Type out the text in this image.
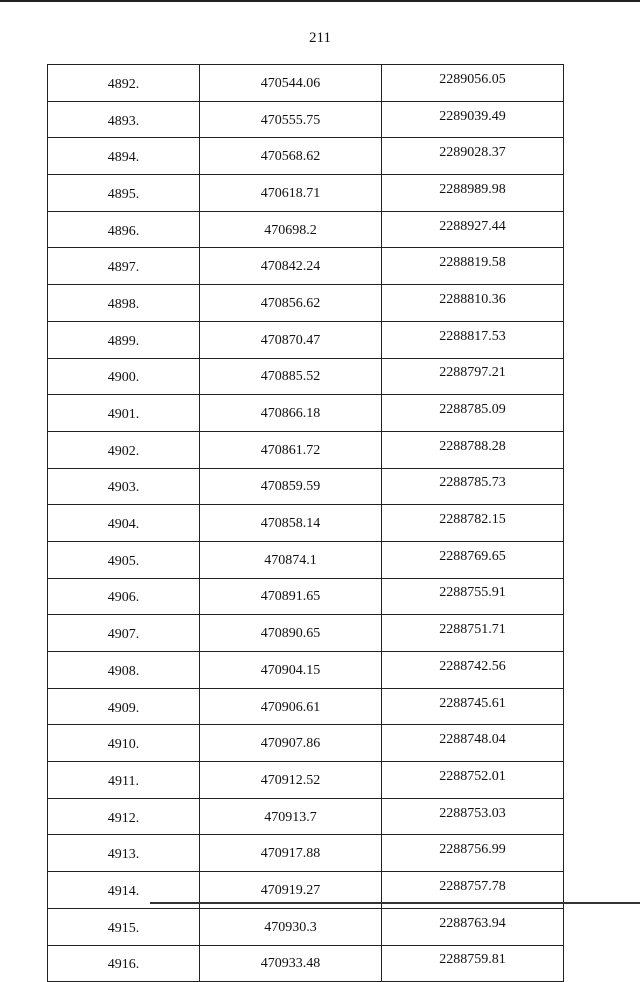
211
4892.	470544.06	2289056.05
4893.	470555.75	2289039.49
4894.	470568.62	2289028.37
4895.	470618.71	2288989.98
4896.	470698.2	2288927.44
4897.	470842.24	2288819.58
4898.	470856.62	2288810.36
4899.	470870.47	2288817.53
4900.	470885.52	2288797.21
4901.	470866.18	2288785.09
4902.	470861.72	2288788.28
4903.	470859.59	2288785.73
4904.	470858.14	2288782.15
4905.	470874.1	2288769.65
4906.	470891.65	2288755.91
4907.	470890.65	2288751.71
4908.	470904.15	2288742.56
4909.	470906.61	2288745.61
4910.	470907.86	2288748.04
4911.	470912.52	2288752.01
4912.	470913.7	2288753.03
4913.	470917.88	2288756.99
4914.	470919.27	2288757.78
4915.	470930.3	2288763.94
4916.	470933.48	2288759.81
